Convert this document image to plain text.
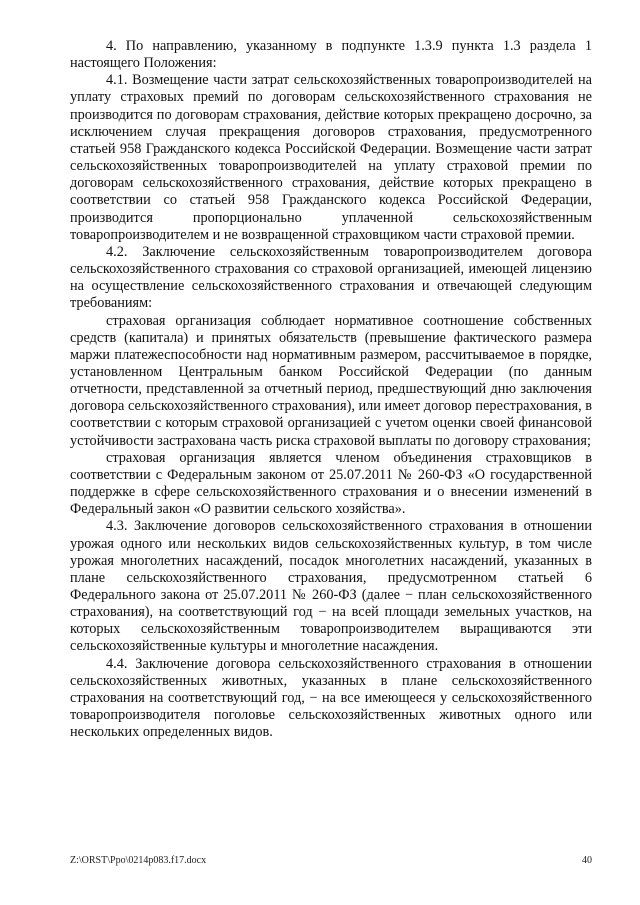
4. По направлению, указанному в подпункте 1.3.9 пункта 1.3 раздела 1 настоящего Положения:

4.1. Возмещение части затрат сельскохозяйственных товаропроизводителей на уплату страховых премий по договорам сельскохозяйственного страхования не производится по договорам страхования, действие которых прекращено досрочно, за исключением случая прекращения договоров страхования, предусмотренного статьей 958 Гражданского кодекса Российской Федерации. Возмещение части затрат сельскохозяйственных товаропроизводителей на уплату страховой премии по договорам сельскохозяйственного страхования, действие которых прекращено в соответствии со статьей 958 Гражданского кодекса Российской Федерации, производится пропорционально уплаченной сельскохозяйственным товаропроизводителем и не возвращенной страховщиком части страховой премии.

4.2. Заключение сельскохозяйственным товаропроизводителем договора сельскохозяйственного страхования со страховой организацией, имеющей лицензию на осуществление сельскохозяйственного страхования и отвечающей следующим требованиям:

страховая организация соблюдает нормативное соотношение собственных средств (капитала) и принятых обязательств (превышение фактического размера маржи платежеспособности над нормативным размером, рассчитываемое в порядке, установленном Центральным банком Российской Федерации (по данным отчетности, представленной за отчетный период, предшествующий дню заключения договора сельскохозяйственного страхования), или имеет договор перестрахования, в соответствии с которым страховой организацией с учетом оценки своей финансовой устойчивости застрахована часть риска страховой выплаты по договору страхования;

страховая организация является членом объединения страховщиков в соответствии с Федеральным законом от 25.07.2011 № 260-ФЗ «О государственной поддержке в сфере сельскохозяйственного страхования и о внесении изменений в Федеральный закон «О развитии сельского хозяйства».

4.3. Заключение договоров сельскохозяйственного страхования в отношении урожая одного или нескольких видов сельскохозяйственных культур, в том числе урожая многолетних насаждений, посадок многолетних насаждений, указанных в плане сельскохозяйственного страхования, предусмотренном статьей 6 Федерального закона от 25.07.2011 № 260-ФЗ (далее − план сельскохозяйственного страхования), на соответствующий год − на всей площади земельных участков, на которых сельскохозяйственным товаропроизводителем выращиваются эти сельскохозяйственные культуры и многолетние насаждения.

4.4. Заключение договора сельскохозяйственного страхования в отношении сельскохозяйственных животных, указанных в плане сельскохозяйственного страхования на соответствующий год, − на все имеющееся у сельскохозяйственного товаропроизводителя поголовье сельскохозяйственных животных одного или нескольких определенных видов.

Z:\ORST\Ppo\0214p083.f17.docx	40
